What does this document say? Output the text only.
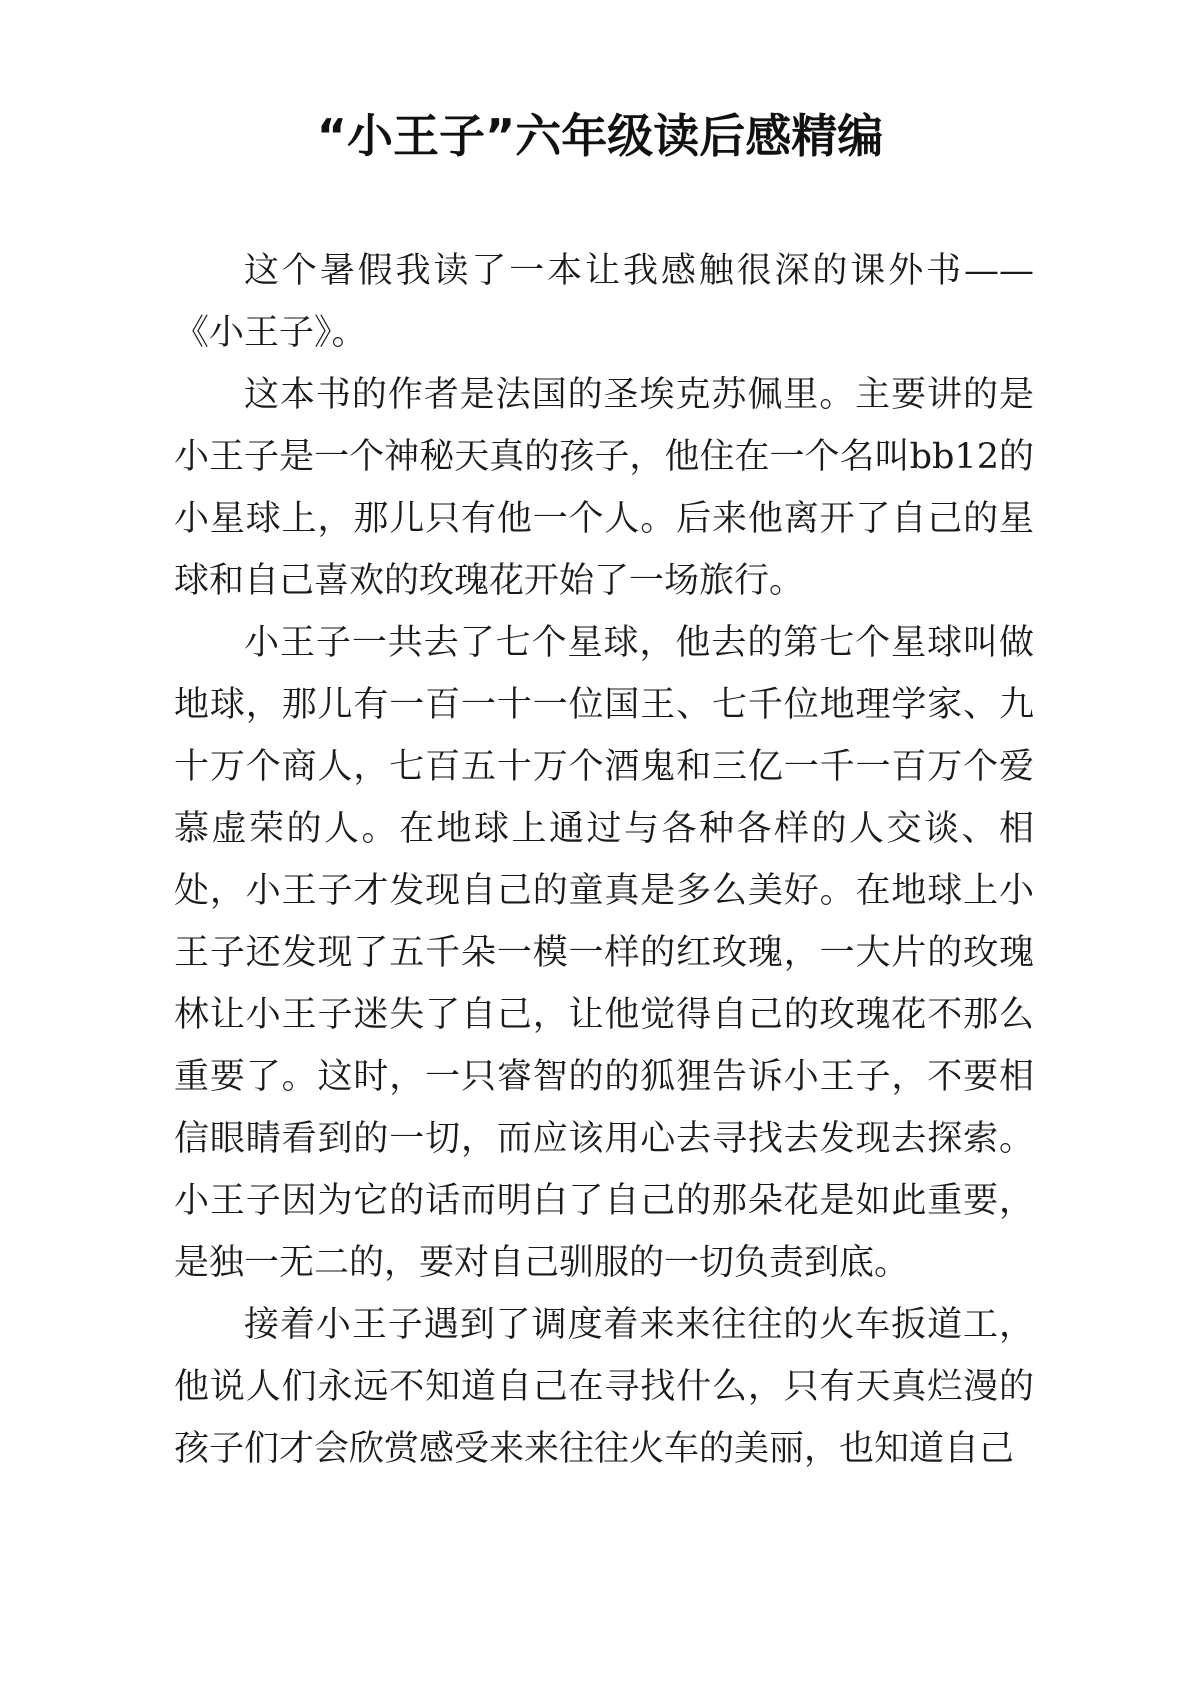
“小王子”六年级读后感精编

这个暑假我读了一本让我感触很深的课外书——《小王子》。

这本书的作者是法国的圣埃克苏佩里。主要讲的是小王子是一个神秘天真的孩子，他住在一个名叫bb12的小星球上，那儿只有他一个人。后来他离开了自己的星球和自己喜欢的玫瑰花开始了一场旅行。

小王子一共去了七个星球，他去的第七个星球叫做地球，那儿有一百一十一位国王、七千位地理学家、九十万个商人，七百五十万个酒鬼和三亿一千一百万个爱慕虚荣的人。在地球上通过与各种各样的人交谈、相处，小王子才发现自己的童真是多么美好。在地球上小王子还发现了五千朵一模一样的红玫瑰，一大片的玫瑰林让小王子迷失了自己，让他觉得自己的玫瑰花不那么重要了。这时，一只睿智的的狐狸告诉小王子，不要相信眼睛看到的一切，而应该用心去寻找去发现去探索。小王子因为它的话而明白了自己的那朵花是如此重要，是独一无二的，要对自己驯服的一切负责到底。

接着小王子遇到了调度着来来往往的火车扳道工，他说人们永远不知道自己在寻找什么，只有天真烂漫的孩子们才会欣赏感受来来往往火车的美丽，也知道自己
